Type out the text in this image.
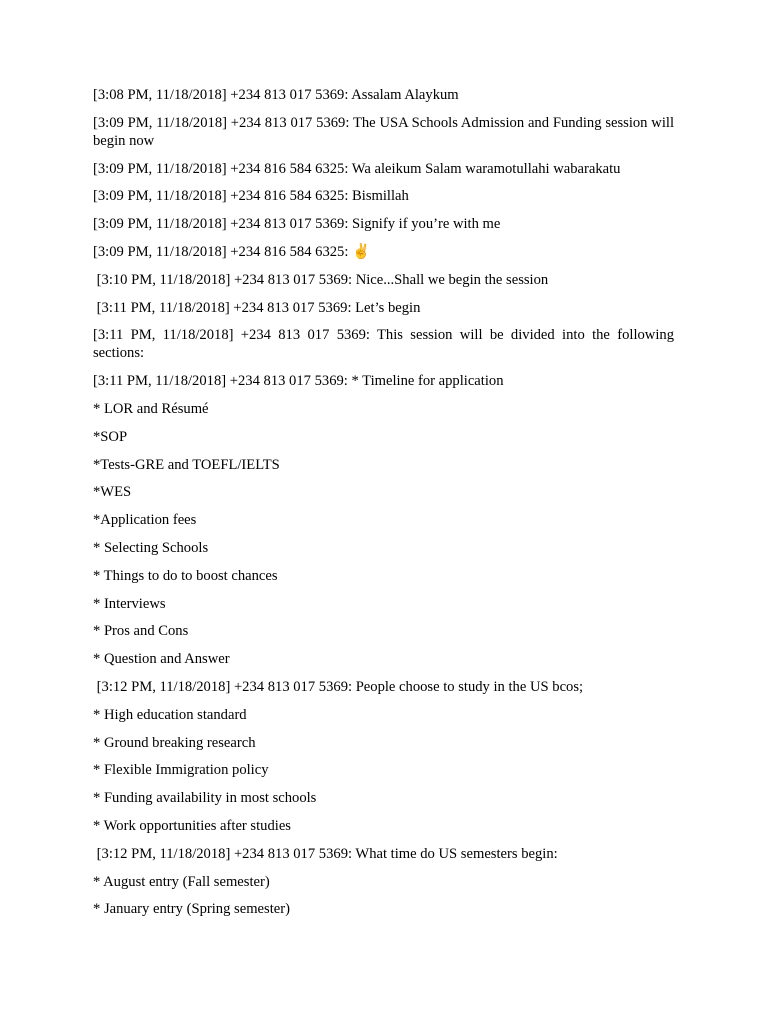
[3:08 PM, 11/18/2018] +234 813 017 5369: Assalam Alaykum

[3:09 PM, 11/18/2018] +234 813 017 5369: The USA Schools Admission and Funding session will begin now

[3:09 PM, 11/18/2018] +234 816 584 6325: Wa aleikum Salam waramotullahi wabarakatu

[3:09 PM, 11/18/2018] +234 816 584 6325: Bismillah

[3:09 PM, 11/18/2018] +234 813 017 5369: Signify if you’re with me

[3:09 PM, 11/18/2018] +234 816 584 6325: ✌

[3:10 PM, 11/18/2018] +234 813 017 5369: Nice...Shall we begin the session

[3:11 PM, 11/18/2018] +234 813 017 5369: Let’s begin

[3:11 PM, 11/18/2018] +234 813 017 5369: This session will be divided into the following sections:

[3:11 PM, 11/18/2018] +234 813 017 5369: * Timeline for application

* LOR and Résumé

*SOP

*Tests-GRE and TOEFL/IELTS

*WES

*Application fees

* Selecting Schools

* Things to do to boost chances

* Interviews

* Pros and Cons

* Question and Answer

[3:12 PM, 11/18/2018] +234 813 017 5369: People choose to study in the US bcos;

* High education standard

* Ground breaking research

* Flexible Immigration policy

* Funding availability in most schools

* Work opportunities after studies

[3:12 PM, 11/18/2018] +234 813 017 5369: What time do US semesters begin:

* August entry (Fall semester)

* January entry (Spring semester)
